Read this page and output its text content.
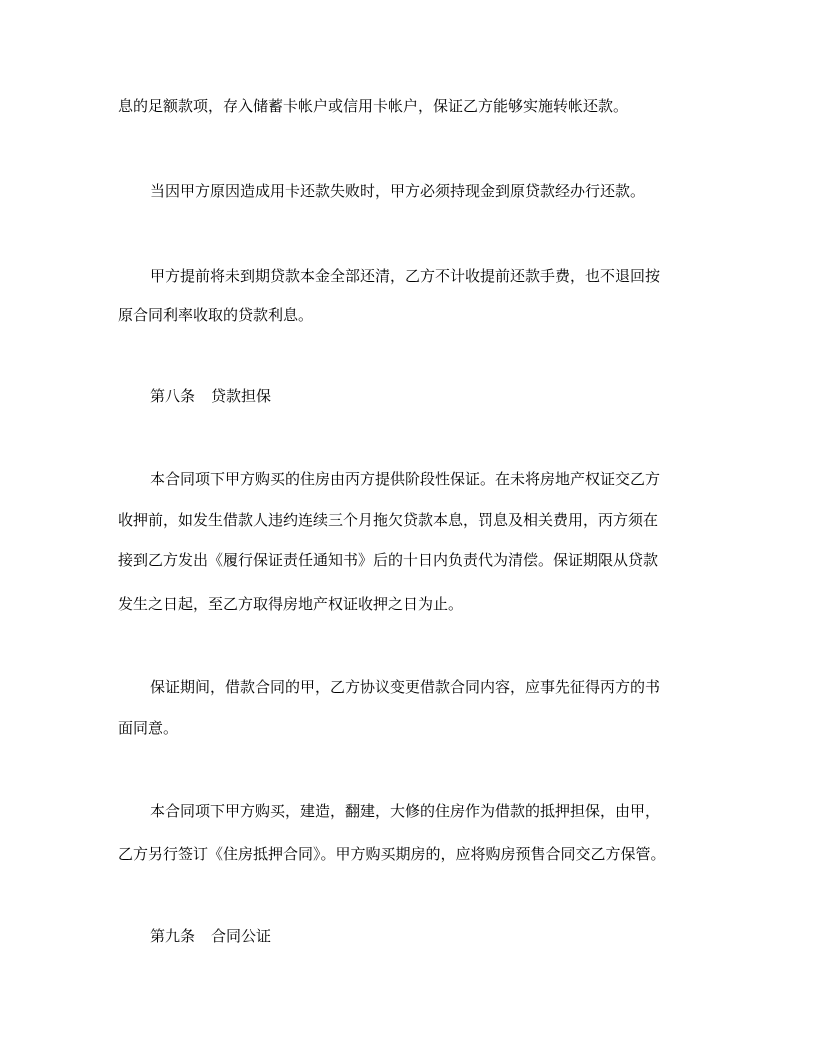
息的足额款项，存入储蓄卡帐户或信用卡帐户，保证乙方能够实施转帐还款。
当因甲方原因造成用卡还款失败时，甲方必须持现金到原贷款经办行还款。
甲方提前将未到期贷款本金全部还清，乙方不计收提前还款手费，也不退回按
原合同利率收取的贷款利息。
第八条 贷款担保
本合同项下甲方购买的住房由丙方提供阶段性保证。在未将房地产权证交乙方
收押前，如发生借款人违约连续三个月拖欠贷款本息，罚息及相关费用，丙方须在
接到乙方发出《履行保证责任通知书》后的十日内负责代为清偿。保证期限从贷款
发生之日起，至乙方取得房地产权证收押之日为止。
保证期间，借款合同的甲，乙方协议变更借款合同内容，应事先征得丙方的书
面同意。
本合同项下甲方购买，建造，翻建，大修的住房作为借款的抵押担保，由甲，
乙方另行签订《住房抵押合同》。甲方购买期房的，应将购房预售合同交乙方保管。
第九条 合同公证
